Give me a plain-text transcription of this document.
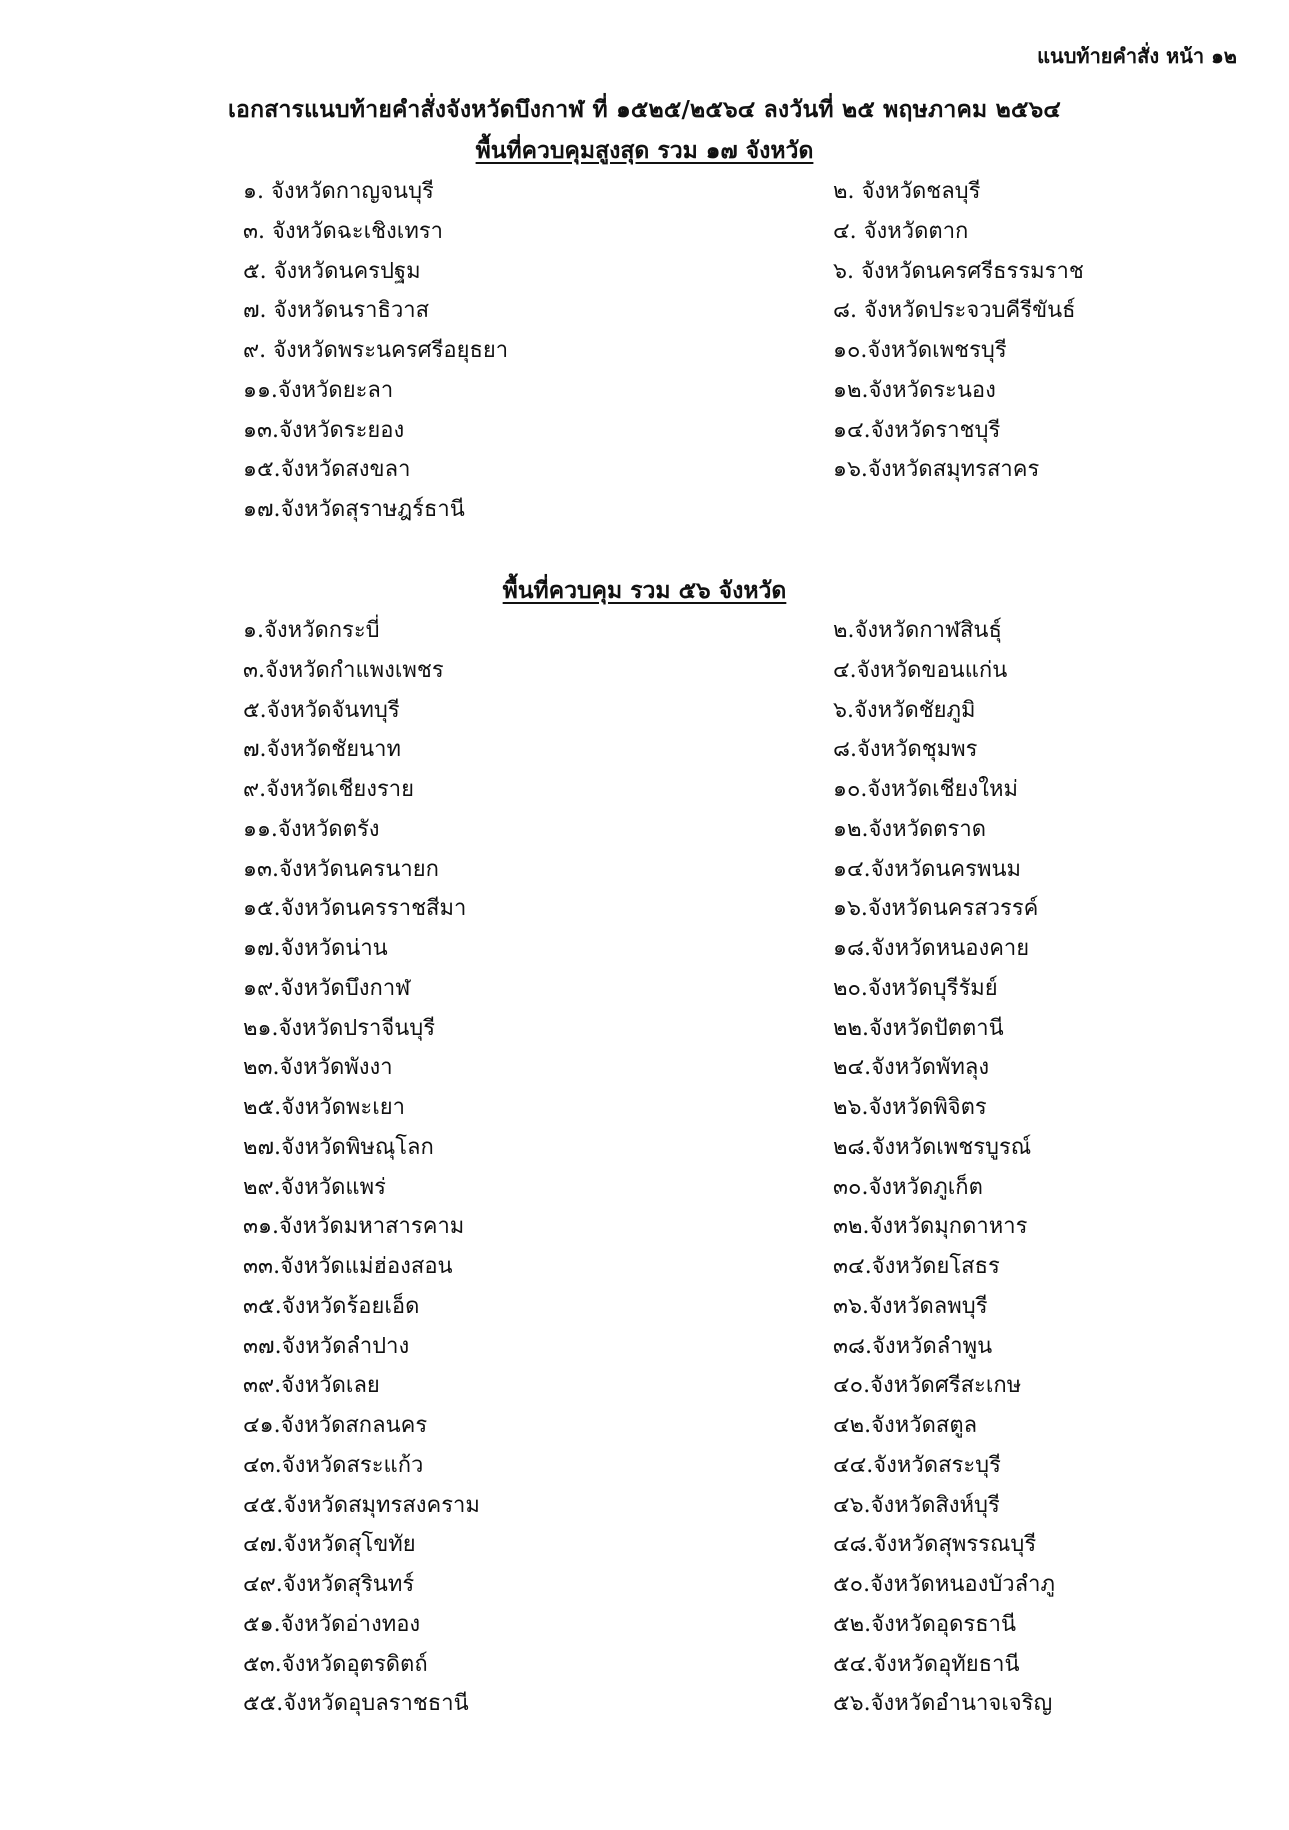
แนบท้ายคำสั่ง หน้า ๑๒
เอกสารแนบท้ายคำสั่งจังหวัดบึงกาฬ ที่ ๑๕๒๕/๒๕๖๔ ลงวันที่ ๒๕ พฤษภาคม ๒๕๖๔
พื้นที่ควบคุมสูงสุด รวม ๑๗ จังหวัด
๑. จังหวัดกาญจนบุรี
๓. จังหวัดฉะเชิงเทรา
๕. จังหวัดนครปฐม
๗. จังหวัดนราธิวาส
๙. จังหวัดพระนครศรีอยุธยา
๑๑.จังหวัดยะลา
๑๓.จังหวัดระยอง
๑๕.จังหวัดสงขลา
๑๗.จังหวัดสุราษฎร์ธานี
๒. จังหวัดชลบุรี
๔. จังหวัดตาก
๖. จังหวัดนครศรีธรรมราช
๘. จังหวัดประจวบคีรีขันธ์
๑๐.จังหวัดเพชรบุรี
๑๒.จังหวัดระนอง
๑๔.จังหวัดราชบุรี
๑๖.จังหวัดสมุทรสาคร
พื้นที่ควบคุม รวม ๕๖ จังหวัด
๑.จังหวัดกระบี่
๓.จังหวัดกำแพงเพชร
๕.จังหวัดจันทบุรี
๗.จังหวัดชัยนาท
๙.จังหวัดเชียงราย
๑๑.จังหวัดตรัง
๑๓.จังหวัดนครนายก
๑๕.จังหวัดนครราชสีมา
๑๗.จังหวัดน่าน
๑๙.จังหวัดบึงกาฬ
๒๑.จังหวัดปราจีนบุรี
๒๓.จังหวัดพังงา
๒๕.จังหวัดพะเยา
๒๗.จังหวัดพิษณุโลก
๒๙.จังหวัดแพร่
๓๑.จังหวัดมหาสารคาม
๓๓.จังหวัดแม่ฮ่องสอน
๓๕.จังหวัดร้อยเอ็ด
๓๗.จังหวัดลำปาง
๓๙.จังหวัดเลย
๔๑.จังหวัดสกลนคร
๔๓.จังหวัดสระแก้ว
๔๕.จังหวัดสมุทรสงคราม
๔๗.จังหวัดสุโขทัย
๔๙.จังหวัดสุรินทร์
๕๑.จังหวัดอ่างทอง
๕๓.จังหวัดอุตรดิตถ์
๕๕.จังหวัดอุบลราชธานี
๒.จังหวัดกาฬสินธุ์
๔.จังหวัดขอนแก่น
๖.จังหวัดชัยภูมิ
๘.จังหวัดชุมพร
๑๐.จังหวัดเชียงใหม่
๑๒.จังหวัดตราด
๑๔.จังหวัดนครพนม
๑๖.จังหวัดนครสวรรค์
๑๘.จังหวัดหนองคาย
๒๐.จังหวัดบุรีรัมย์
๒๒.จังหวัดปัตตานี
๒๔.จังหวัดพัทลุง
๒๖.จังหวัดพิจิตร
๒๘.จังหวัดเพชรบูรณ์
๓๐.จังหวัดภูเก็ต
๓๒.จังหวัดมุกดาหาร
๓๔.จังหวัดยโสธร
๓๖.จังหวัดลพบุรี
๓๘.จังหวัดลำพูน
๔๐.จังหวัดศรีสะเกษ
๔๒.จังหวัดสตูล
๔๔.จังหวัดสระบุรี
๔๖.จังหวัดสิงห์บุรี
๔๘.จังหวัดสุพรรณบุรี
๕๐.จังหวัดหนองบัวลำภู
๕๒.จังหวัดอุดรธานี
๕๔.จังหวัดอุทัยธานี
๕๖.จังหวัดอำนาจเจริญ
